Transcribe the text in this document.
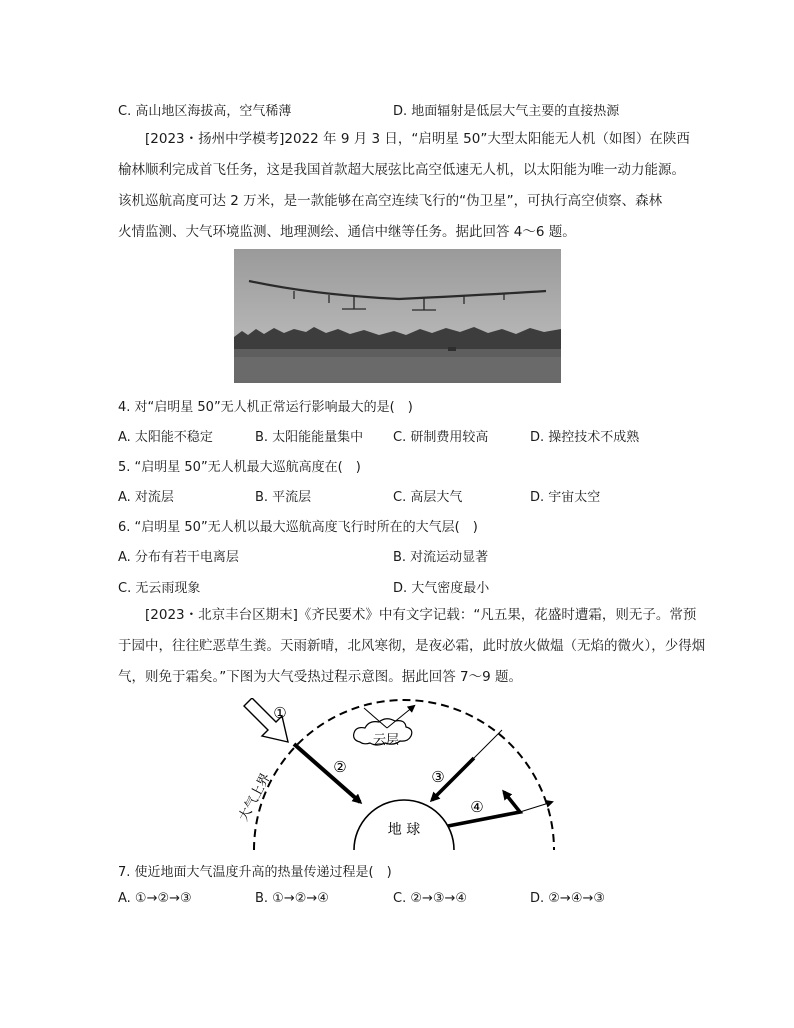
C. 高山地区海拔高，空气稀薄	D. 地面辐射是低层大气主要的直接热源

[2023・扬州中学模考]2022 年 9 月 3 日，“启明星 50”大型太阳能无人机（如图）在陕西

榆林顺利完成首飞任务，这是我国首款超大展弦比高空低速无人机，以太阳能为唯一动力能源。

该机巡航高度可达 2 万米，是一款能够在高空连续飞行的“伪卫星”，可执行高空侦察、森林

火情监测、大气环境监测、地理测绘、通信中继等任务。据此回答 4～6 题。

4. 对“启明星 50”无人机正常运行影响最大的是(　)
A. 太阳能不稳定	B. 太阳能能量集中 C. 研制费用较高	D. 操控技术不成熟
5. “启明星 50”无人机最大巡航高度在(　)
A. 对流层	B. 平流层	C. 高层大气	D. 宇宙太空
6. “启明星 50”无人机以最大巡航高度飞行时所在的大气层(　)
A. 分布有若干电离层	B. 对流运动显著
C. 无云雨现象	D. 大气密度最小

[2023・北京丰台区期末]《齐民要术》中有文字记载：“凡五果，花盛时遭霜，则无子。常预

于园中，往往贮恶草生粪。天雨新晴，北风寒彻，是夜必霜，此时放火做煴（无焰的微火），少得烟

气，则免于霜矣。”下图为大气受热过程示意图。据此回答 7～9 题。

地 球
云层
①
②
③
④
大气上界
7. 使近地面大气温度升高的热量传递过程是(　)
A. ①→②→③	B. ①→②→④	C. ②→③→④	D. ②→④→③
